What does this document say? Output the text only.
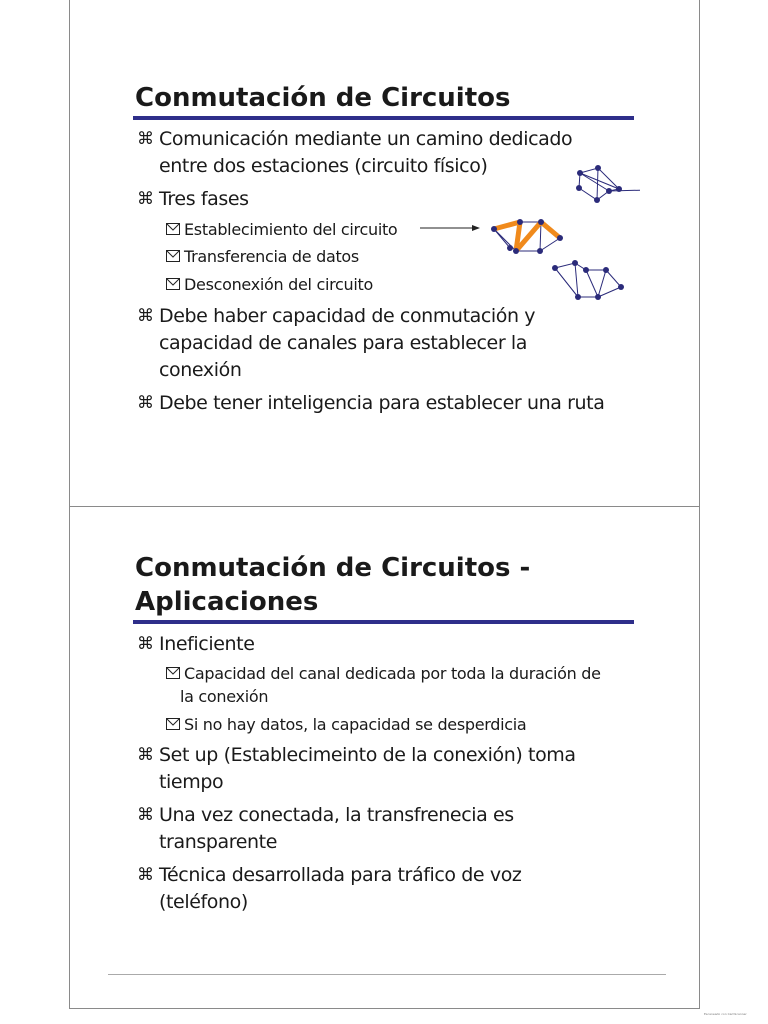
Conmutación de Circuitos
⌘ Comunicación mediante un camino dedicado
entre dos estaciones (circuito físico)
⌘ Tres fases
Establecimiento del circuito
Transferencia de datos
Desconexión del circuito
⌘ Debe haber capacidad de conmutación y
capacidad de canales para establecer la
conexión
⌘ Debe tener inteligencia para establecer una ruta
Conmutación de Circuitos -
Aplicaciones
⌘ Ineficiente
Capacidad del canal dedicada por toda la duración de
la conexión
Si no hay datos, la capacidad se desperdicia
⌘ Set up (Establecimeinto de la conexión) toma
tiempo
⌘ Una vez conectada, la transfrenecia es
transparente
⌘ Técnica desarrollada para tráfico de voz
(teléfono)
Escaneado con CamScanner
